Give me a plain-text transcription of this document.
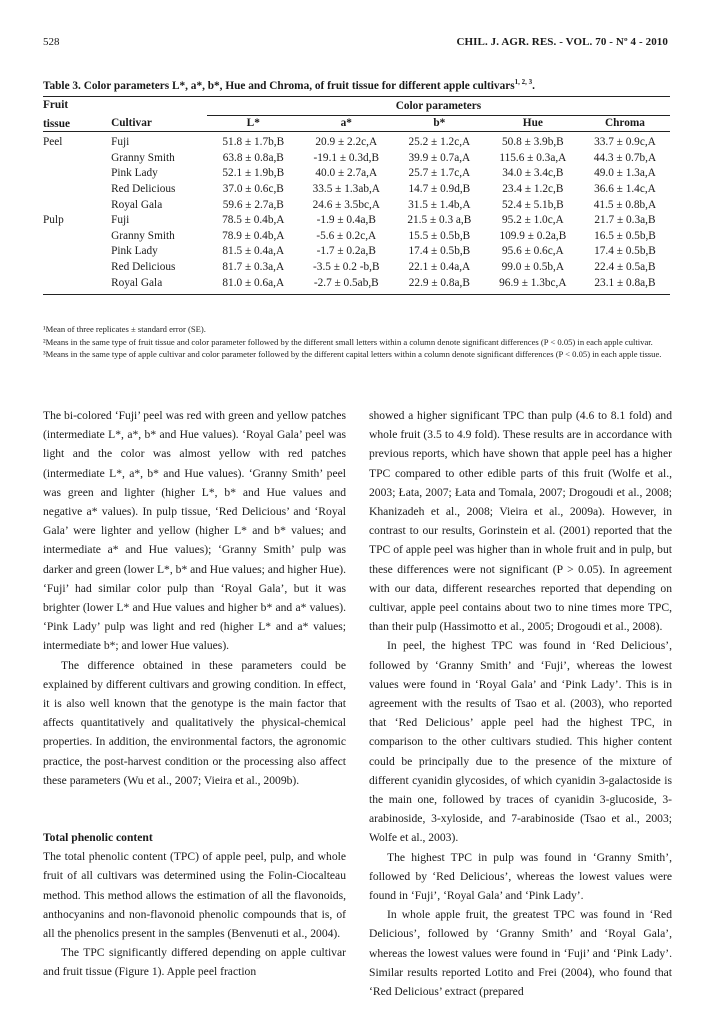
528	CHIL. J. AGR. RES. - VOL. 70 - Nº 4 - 2010
Table 3. Color parameters L*, a*, b*, Hue and Chroma, of fruit tissue for different apple cultivars$^{1, 2, 3}$.
Fruit		Color parameters				
tissue	Cultivar	L*	a*	b*	Hue	Chroma
Peel	Fuji	51.8 ± 1.7b,B	20.9 ± 2.2c,A	25.2 ± 1.2c,A	50.8 ± 3.9b,B	33.7 ± 0.9c,A
	Granny Smith	63.8 ± 0.8a,B	-19.1 ± 0.3d,B	39.9 ± 0.7a,A	115.6 ± 0.3a,A	44.3 ± 0.7b,A
	Pink Lady	52.1 ± 1.9b,B	40.0 ± 2.7a,A	25.7 ± 1.7c,A	34.0 ± 3.4c,B	49.0 ± 1.3a,A
	Red Delicious	37.0 ± 0.6c,B	33.5 ± 1.3ab,A	14.7 ± 0.9d,B	23.4 ± 1.2c,B	36.6 ± 1.4c,A
	Royal Gala	59.6 ± 2.7a,B	24.6 ± 3.5bc,A	31.5 ± 1.4b,A	52.4 ± 5.1b,B	41.5 ± 0.8b,A
Pulp	Fuji	78.5 ± 0.4b,A	-1.9 ± 0.4a,B	21.5 ± 0.3 a,B	95.2 ± 1.0c,A	21.7 ± 0.3a,B
	Granny Smith	78.9 ± 0.4b,A	-5.6 ± 0.2c,A	15.5 ± 0.5b,B	109.9 ± 0.2a,B	16.5 ± 0.5b,B
	Pink Lady	81.5 ± 0.4a,A	-1.7 ± 0.2a,B	17.4 ± 0.5b,B	95.6 ± 0.6c,A	17.4 ± 0.5b,B
	Red Delicious	81.7 ± 0.3a,A	-3.5 ± 0.2 -b,B	22.1 ± 0.4a,A	99.0 ± 0.5b,A	22.4 ± 0.5a,B
	Royal Gala	81.0 ± 0.6a,A	-2.7 ± 0.5ab,B	22.9 ± 0.8a,B	96.9 ± 1.3bc,A	23.1 ± 0.8a,B
¹Mean of three replicates ± standard error (SE).
²Means in the same type of fruit tissue and color parameter followed by the different small letters within a column denote significant differences (P < 0.05) in each apple cultivar.
³Means in the same type of apple cultivar and color parameter followed by the different capital letters within a column denote significant differences (P < 0.05) in each apple tissue.

The bi-colored ‘Fuji’ peel was red with green and yellow patches (intermediate L*, a*, b* and Hue values). ‘Royal Gala’ peel was light and the color was almost yellow with red patches (intermediate L*, a*, b* and Hue values). ‘Granny Smith’ peel was green and lighter (higher L*, b* and Hue values and negative a* values). In pulp tissue, ‘Red Delicious’ and ‘Royal Gala’ were lighter and yellow (higher L* and b* values; and intermediate a* and Hue values); ‘Granny Smith’ pulp was darker and green (lower L*, b* and Hue values; and higher Hue). ‘Fuji’ had similar color pulp than ‘Royal Gala’, but it was brighter (lower L* and Hue values and higher b* and a* values). ‘Pink Lady’ pulp was light and red (higher L* and a* values; intermediate b*; and lower Hue values).

The difference obtained in these parameters could be explained by different cultivars and growing condition. In effect, it is also well known that the genotype is the main factor that affects quantitatively and qualitatively the physical-chemical properties. In addition, the environmental factors, the agronomic practice, the post-harvest condition or the processing also affect these parameters (Wu et al., 2007; Vieira et al., 2009b).

Total phenolic content

The total phenolic content (TPC) of apple peel, pulp, and whole fruit of all cultivars was determined using the Folin-Ciocalteau method. This method allows the estimation of all the flavonoids, anthocyanins and non-flavonoid phenolic compounds that is, of all the phenolics present in the samples (Benvenuti et al., 2004).

The TPC significantly differed depending on apple cultivar and fruit tissue (Figure 1). Apple peel fraction

showed a higher significant TPC than pulp (4.6 to 8.1 fold) and whole fruit (3.5 to 4.9 fold). These results are in accordance with previous reports, which have shown that apple peel has a higher TPC compared to other edible parts of this fruit (Wolfe et al., 2003; Łata, 2007; Łata and Tomala, 2007; Drogoudi et al., 2008; Khanizadeh et al., 2008; Vieira et al., 2009a). However, in contrast to our results, Gorinstein et al. (2001) reported that the TPC of apple peel was higher than in whole fruit and in pulp, but these differences were not significant (P > 0.05). In agreement with our data, different researches reported that depending on cultivar, apple peel contains about two to nine times more TPC, than their pulp (Hassimotto et al., 2005; Drogoudi et al., 2008).

In peel, the highest TPC was found in ‘Red Delicious’, followed by ‘Granny Smith’ and ‘Fuji’, whereas the lowest values were found in ‘Royal Gala’ and ‘Pink Lady’. This is in agreement with the results of Tsao et al. (2003), who reported that ‘Red Delicious’ apple peel had the highest TPC, in comparison to the other cultivars studied. This higher content could be principally due to the presence of the mixture of different cyanidin glycosides, of which cyanidin 3-galactoside is the main one, followed by traces of cyanidin 3-glucoside, 3-arabinoside, 3-xyloside, and 7-arabinoside (Tsao et al., 2003; Wolfe et al., 2003).

The highest TPC in pulp was found in ‘Granny Smith’, followed by ‘Red Delicious’, whereas the lowest values were found in ‘Fuji’, ‘Royal Gala’ and ‘Pink Lady’.

In whole apple fruit, the greatest TPC was found in ‘Red Delicious’, followed by ‘Granny Smith’ and ‘Royal Gala’, whereas the lowest values were found in ‘Fuji’ and ‘Pink Lady’. Similar results reported Lotito and Frei (2004), who found that ‘Red Delicious’ extract (prepared
